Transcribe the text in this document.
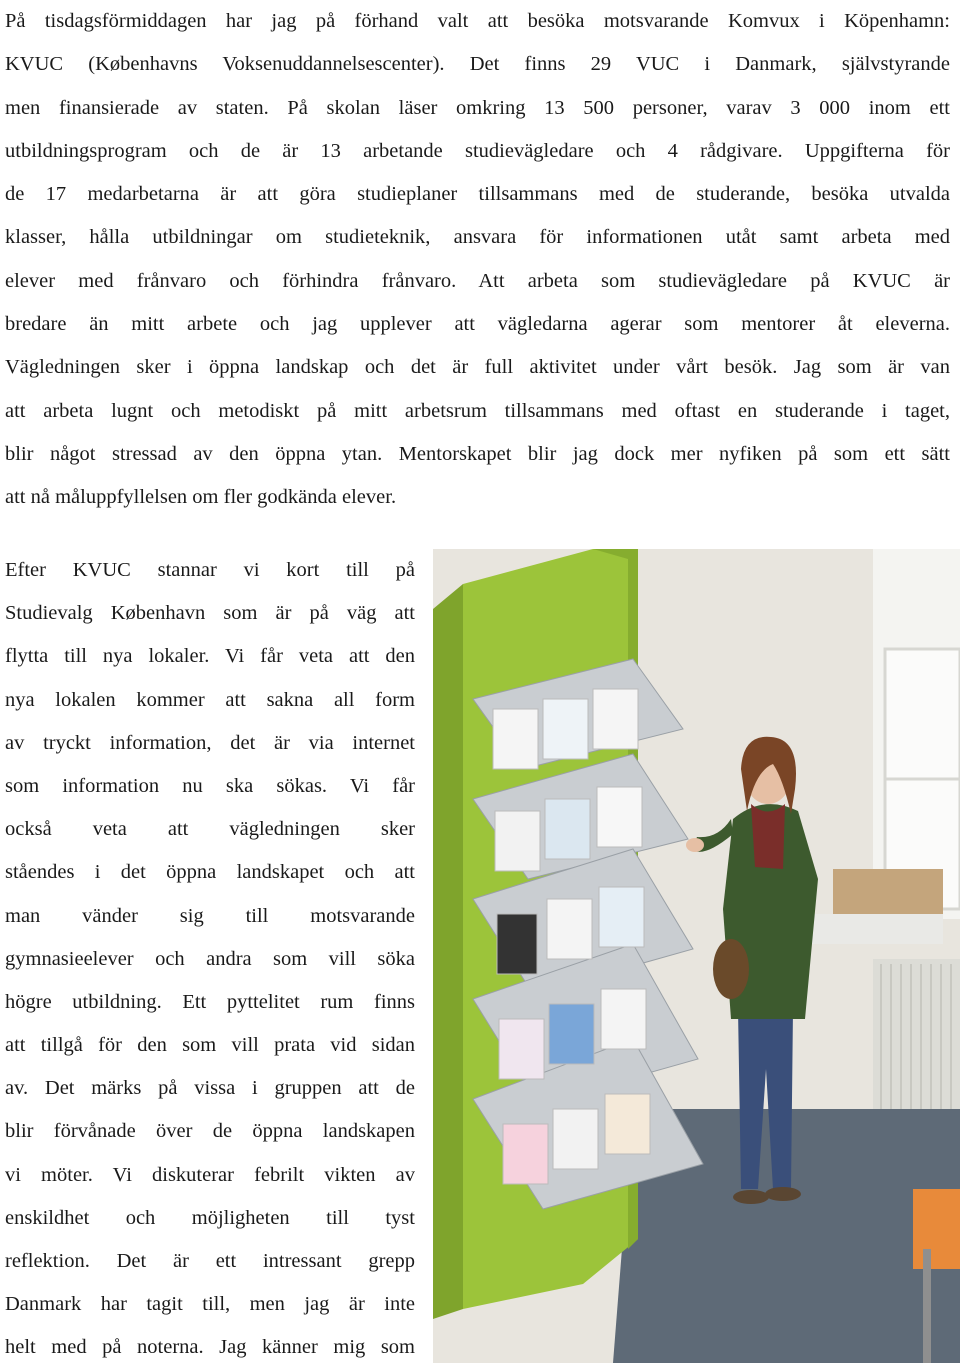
På tisdagsförmiddagen har jag på förhand valt att besöka motsvarande Komvux i Köpenhamn:
KVUC (Københavns Voksenuddannelsescenter). Det finns 29 VUC i Danmark, självstyrande
men finansierade av staten. På skolan läser omkring 13 500 personer, varav 3 000 inom ett
utbildningsprogram och de är 13 arbetande studievägledare och 4 rådgivare. Uppgifterna för
de 17 medarbetarna är att göra studieplaner tillsammans med de studerande, besöka utvalda
klasser, hålla utbildningar om studieteknik, ansvara för informationen utåt samt arbeta med
elever med frånvaro och förhindra frånvaro. Att arbeta som studievägledare på KVUC är
bredare än mitt arbete och jag upplever att vägledarna agerar som mentorer åt eleverna.
Vägledningen sker i öppna landskap och det är full aktivitet under vårt besök. Jag som är van
att arbeta lugnt och metodiskt på mitt arbetsrum tillsammans med oftast en studerande i taget,
blir något stressad av den öppna ytan. Mentorskapet blir jag dock mer nyfiken på som ett sätt
att nå måluppfyllelsen om fler godkända elever.
Efter KVUC stannar vi kort till på
Studievalg København som är på väg att
flytta till nya lokaler. Vi får veta att den
nya lokalen kommer att sakna all form
av tryckt information, det är via internet
som information nu ska sökas. Vi får
också veta att vägledningen sker
ståendes i det öppna landskapet och att
man vänder sig till motsvarande
gymnasieelever och andra som vill söka
högre utbildning. Ett pyttelitet rum finns
att tillgå för den som vill prata vid sidan
av. Det märks på vissa i gruppen att de
blir förvånade över de öppna landskapen
vi möter. Vi diskuterar febrilt vikten av
enskildhet och möjligheten till tyst
reflektion. Det är ett intressant grepp
Danmark har tagit till, men jag är inte
helt med på noterna. Jag känner mig som
